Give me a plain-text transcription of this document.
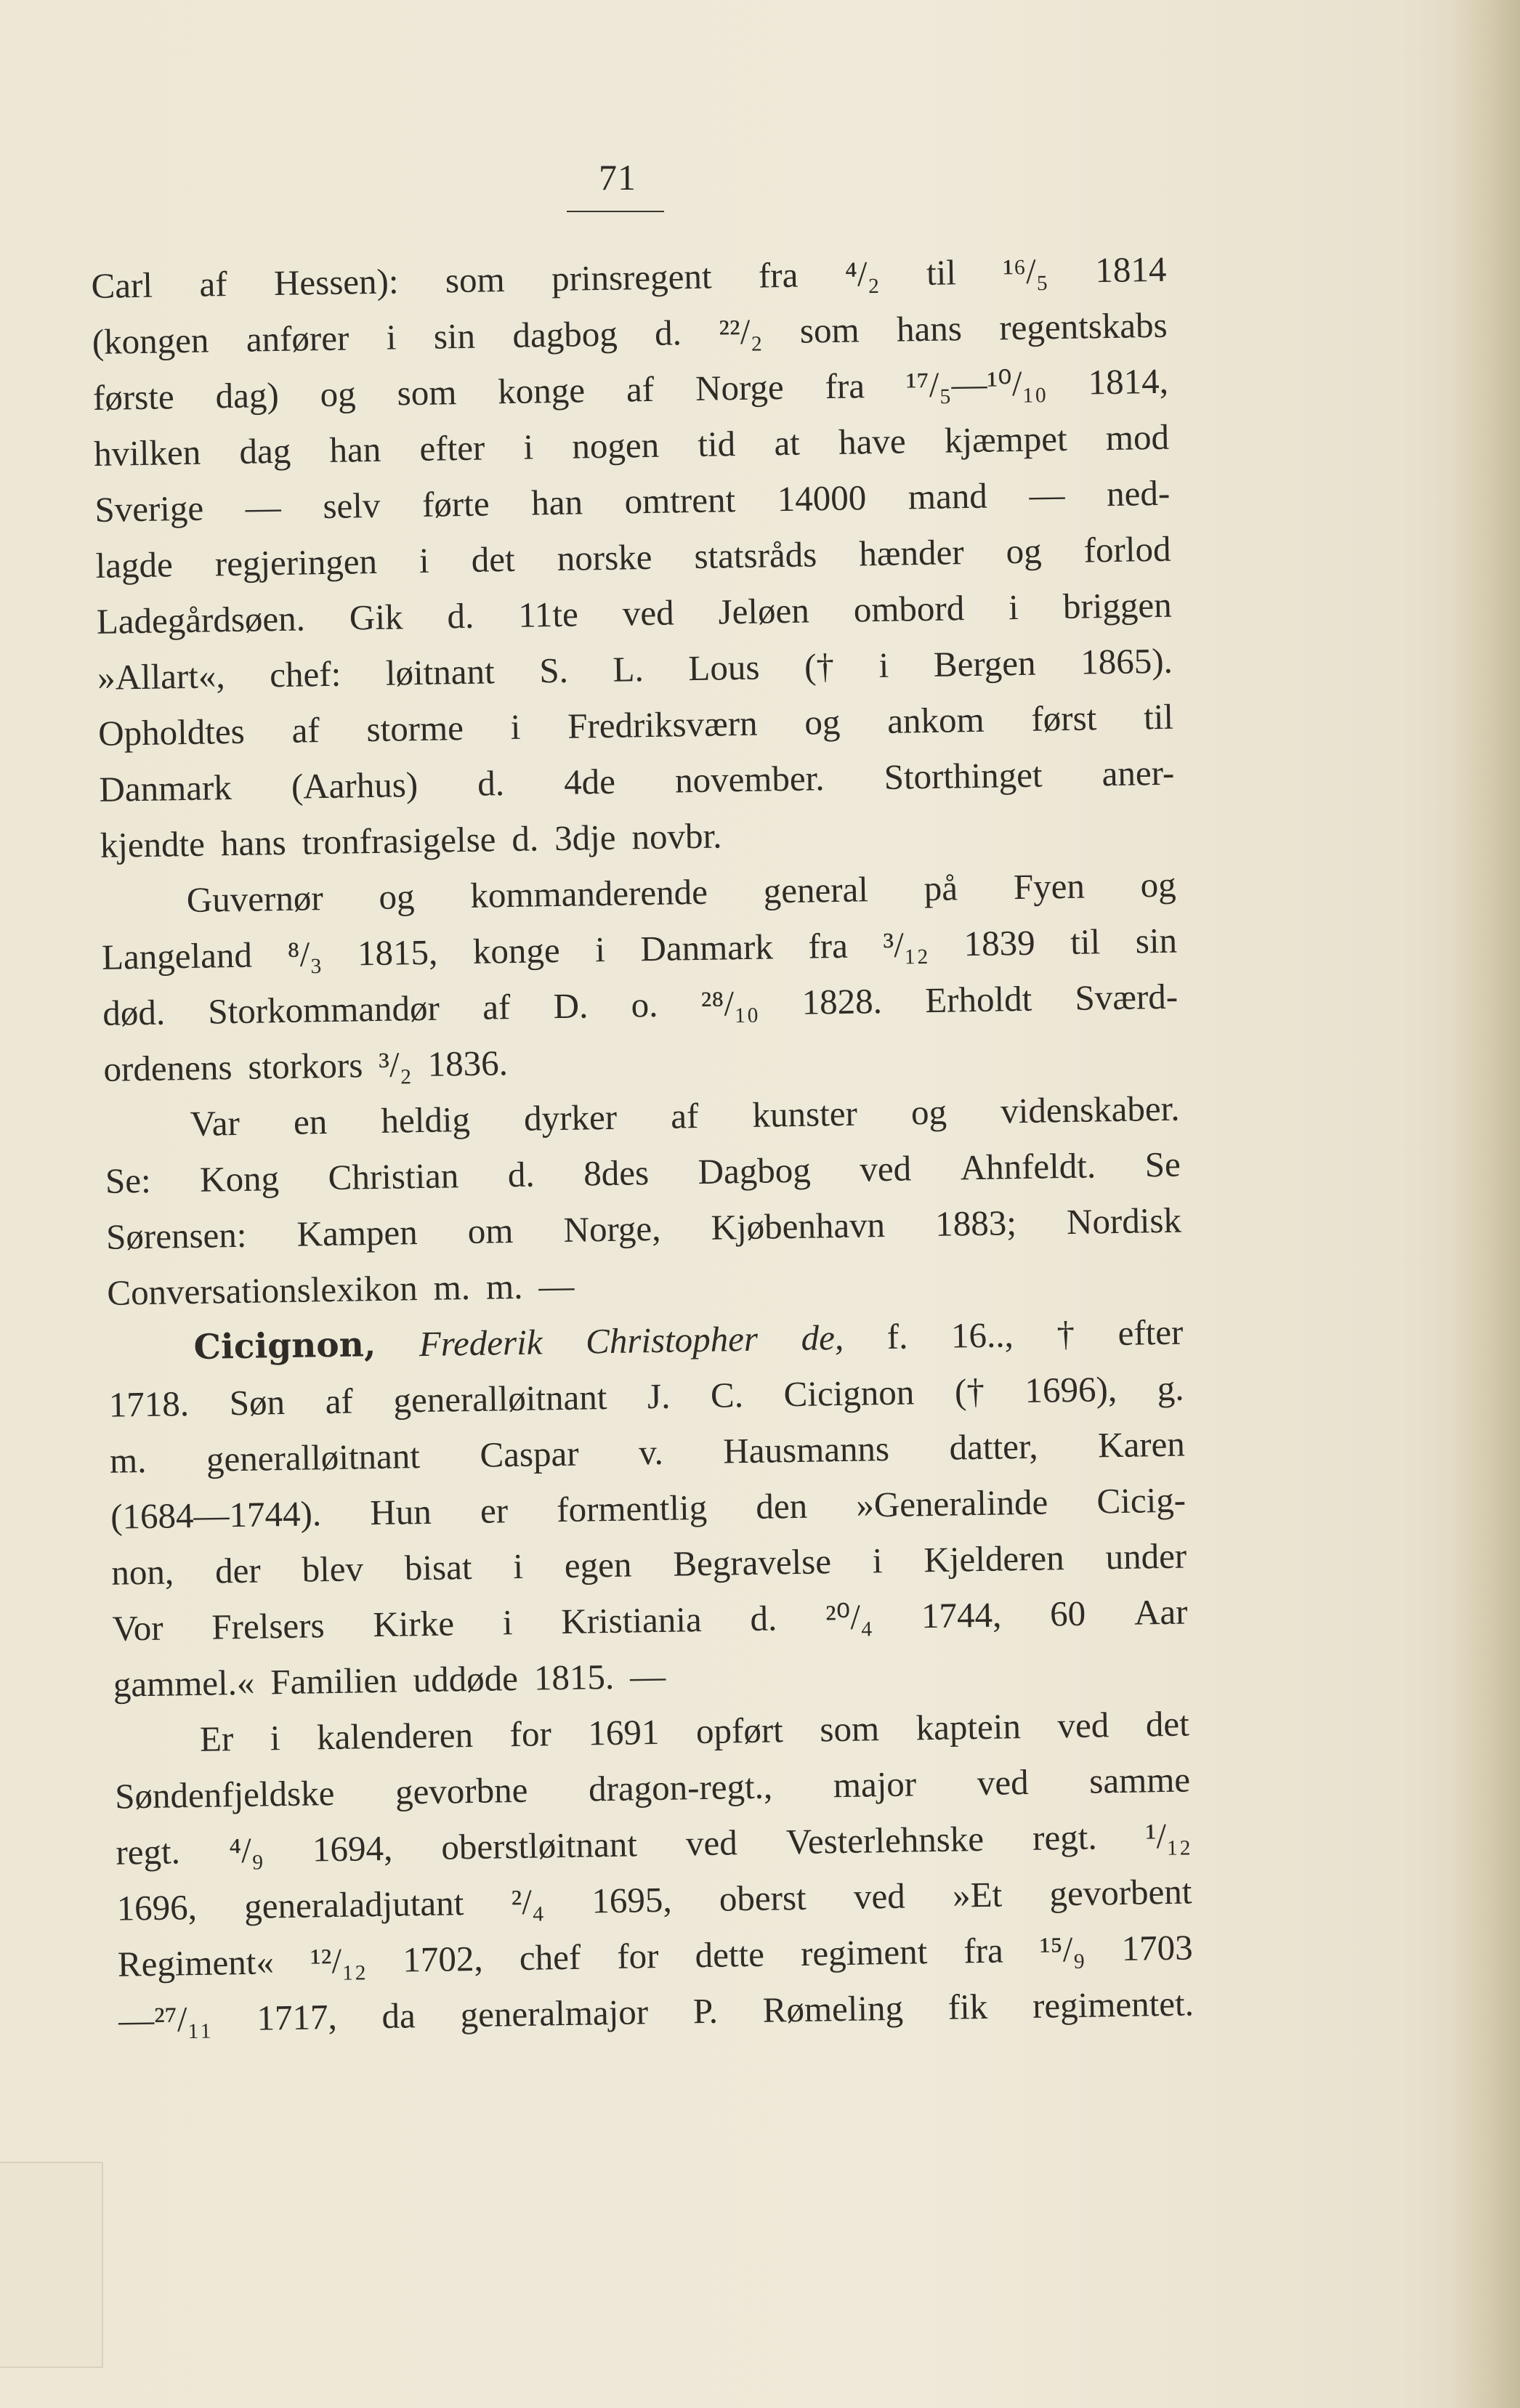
71
Carl af Hessen): som prinsregent fra ⁴/₂ til ¹⁶/₅ 1814
(kongen anfører i sin dagbog d. ²²/₂ som hans regentskabs
første dag) og som konge af Norge fra ¹⁷/₅—¹⁰/₁₀ 1814,
hvilken dag han efter i nogen tid at have kjæmpet mod
Sverige — selv førte han omtrent 14000 mand — ned-
lagde regjeringen i det norske statsråds hænder og forlod
Ladegårdsøen. Gik d. 11te ved Jeløen ombord i briggen
»Allart«, chef: løitnant S. L. Lous († i Bergen 1865).
Opholdtes af storme i Fredriksværn og ankom først til
Danmark (Aarhus) d. 4de november. Storthinget aner-
kjendte hans tronfrasigelse d. 3dje novbr.
Guvernør og kommanderende general på Fyen og
Langeland ⁸/₃ 1815, konge i Danmark fra ³/₁₂ 1839 til sin
død. Storkommandør af D. o. ²⁸/₁₀ 1828. Erholdt Sværd-
ordenens storkors ³/₂ 1836.
Var en heldig dyrker af kunster og videnskaber.
Se: Kong Christian d. 8des Dagbog ved Ahnfeldt. Se
Sørensen: Kampen om Norge, Kjøbenhavn 1883; Nordisk
Conversationslexikon m. m. —
Cicignon, Frederik Christopher de, f. 16.., † efter
1718. Søn af generalløitnant J. C. Cicignon († 1696), g.
m. generalløitnant Caspar v. Hausmanns datter, Karen
(1684—1744). Hun er formentlig den »Generalinde Cicig-
non, der blev bisat i egen Begravelse i Kjelderen under
Vor Frelsers Kirke i Kristiania d. ²⁰/₄ 1744, 60 Aar
gammel.« Familien uddøde 1815. —
Er i kalenderen for 1691 opført som kaptein ved det
Søndenfjeldske gevorbne dragon-regt., major ved samme
regt. ⁴/₉ 1694, oberstløitnant ved Vesterlehnske regt. ¹/₁₂
1696, generaladjutant ²/₄ 1695, oberst ved »Et gevorbent
Regiment« ¹²/₁₂ 1702, chef for dette regiment fra ¹⁵/₉ 1703
—²⁷/₁₁ 1717, da generalmajor P. Rømeling fik regimentet.
